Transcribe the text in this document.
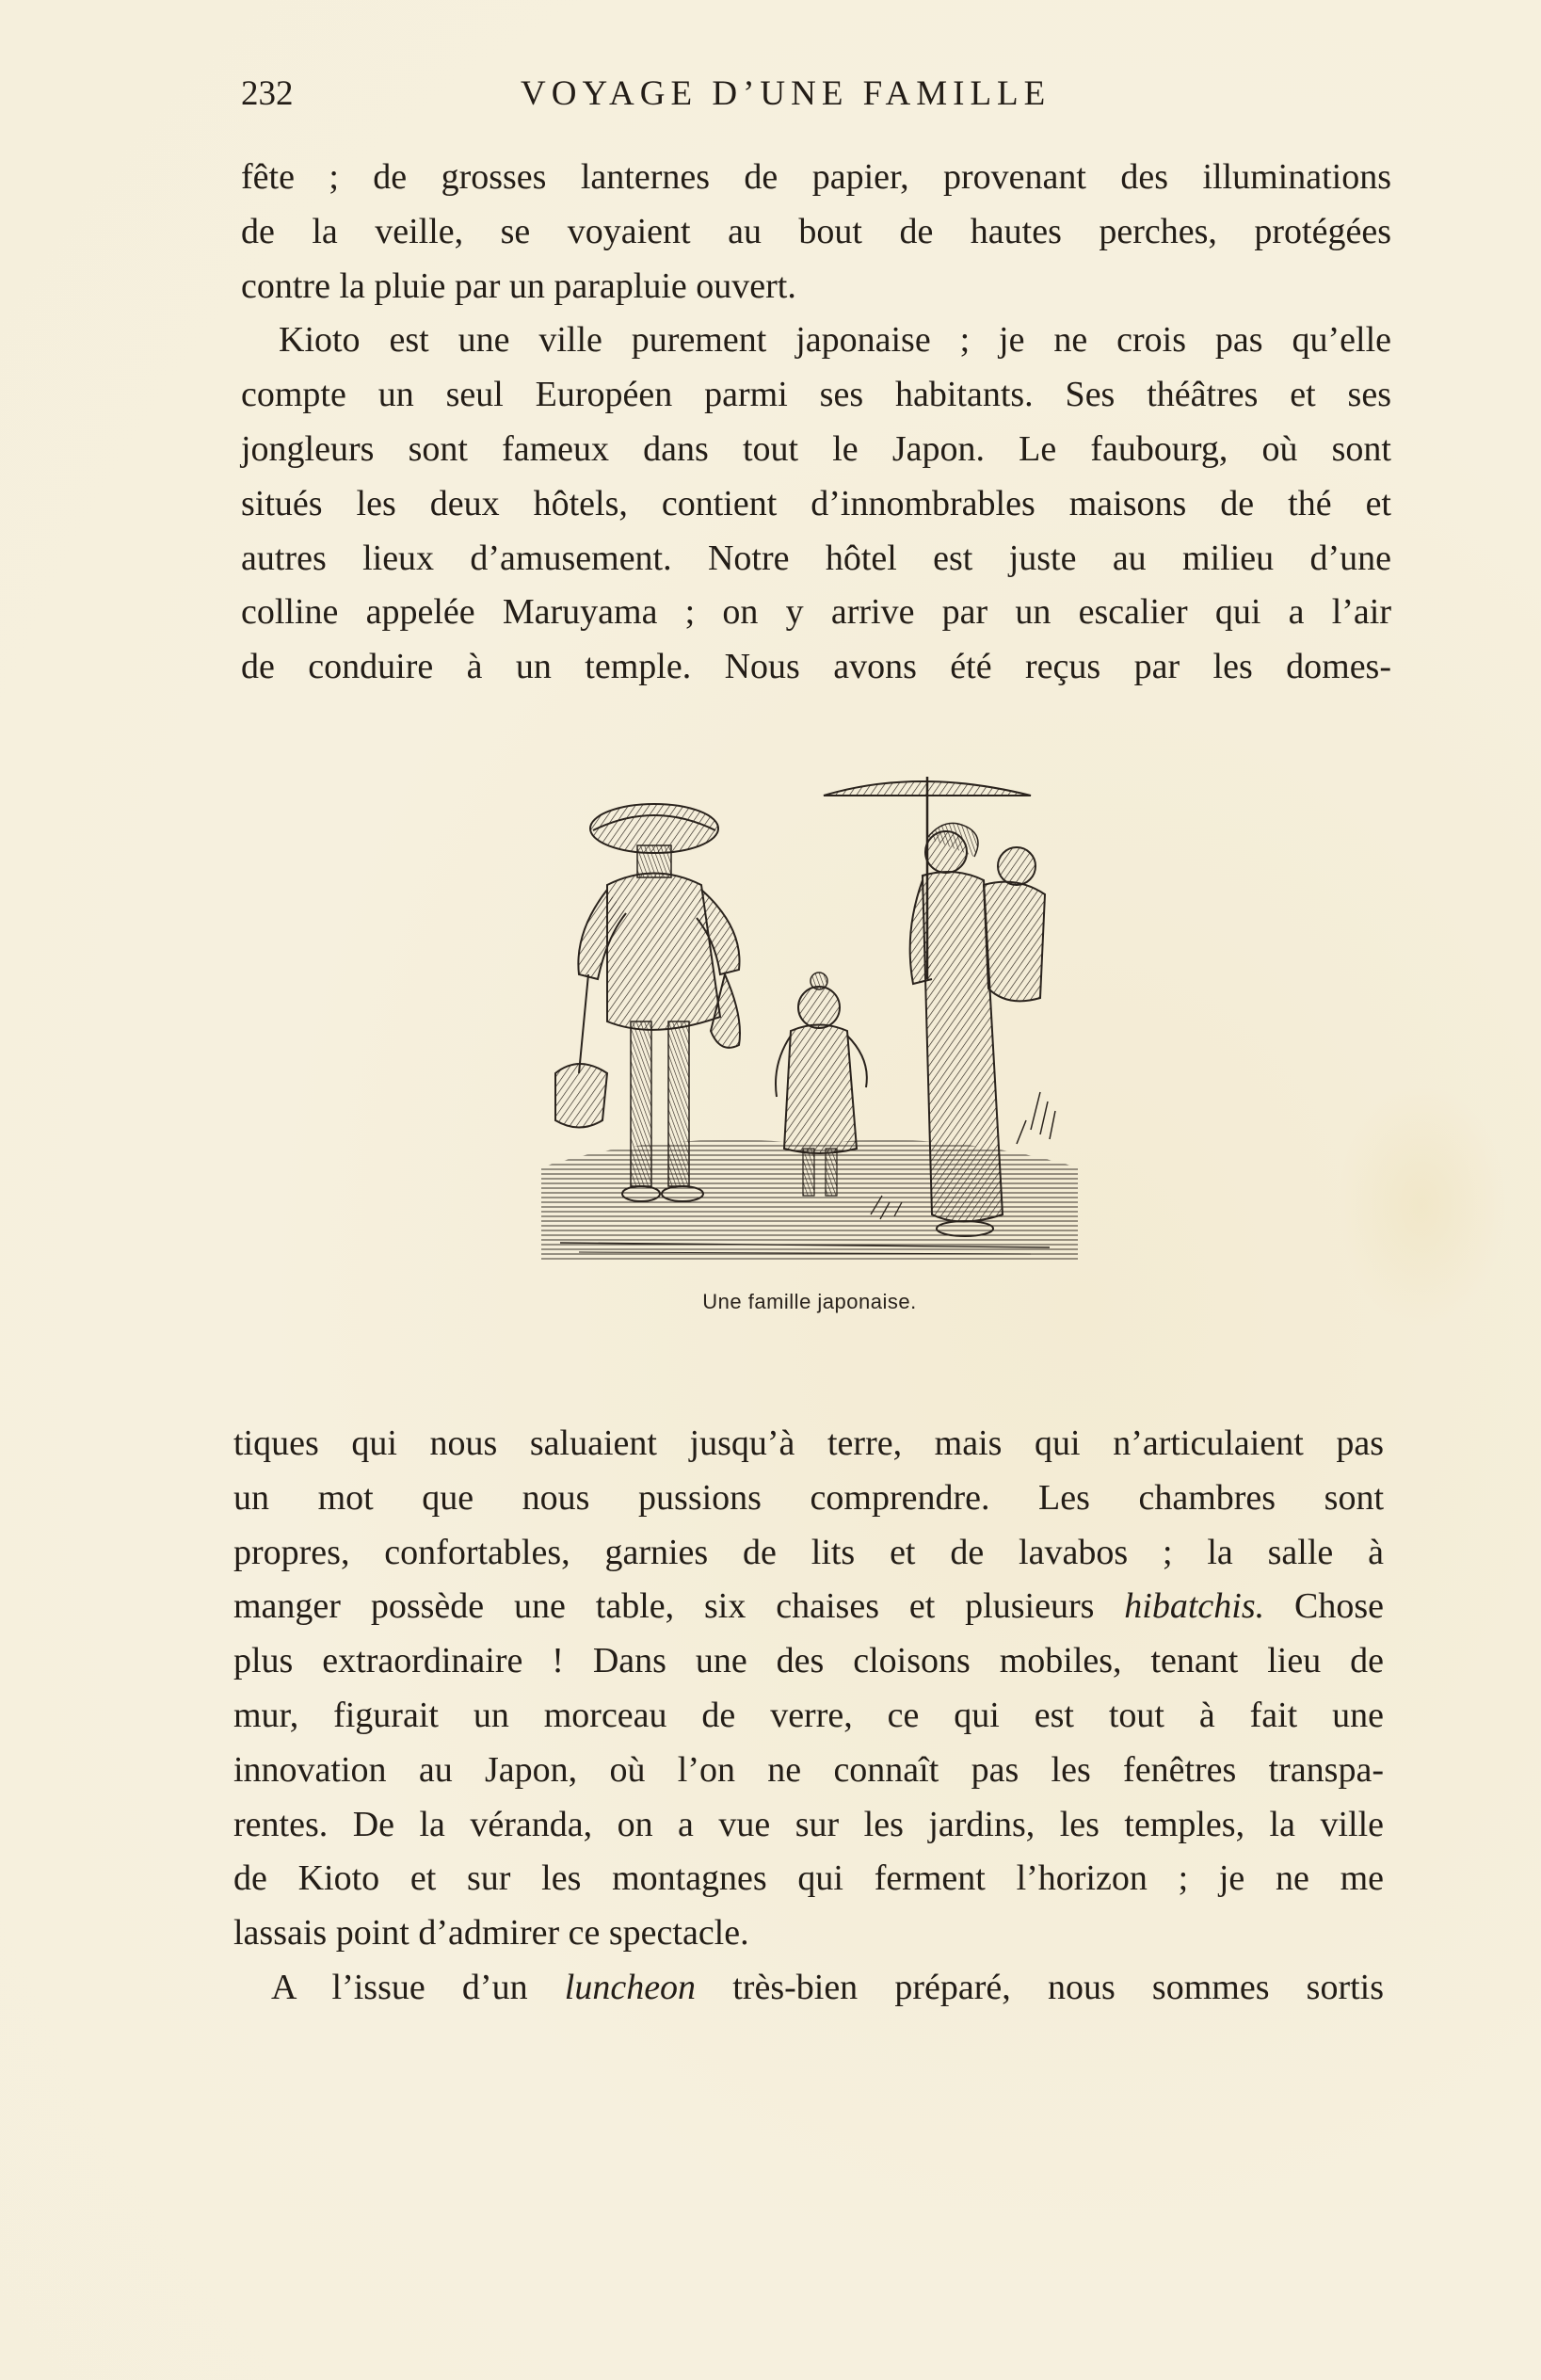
232	VOYAGE D’UNE FAMILLE
fête ; de grosses lanternes de papier, provenant des illuminations
de la veille, se voyaient au bout de hautes perches, protégées
contre la pluie par un parapluie ouvert.
Kioto est une ville purement japonaise ; je ne crois pas qu’elle
compte un seul Européen parmi ses habitants. Ses théâtres et ses
jongleurs sont fameux dans tout le Japon. Le faubourg, où sont
situés les deux hôtels, contient d’innombrables maisons de thé et
autres lieux d’amusement. Notre hôtel est juste au milieu d’une
colline appelée Maruyama ; on y arrive par un escalier qui a l’air
de conduire à un temple. Nous avons été reçus par les domes-
Une famille japonaise.
tiques qui nous saluaient jusqu’à terre, mais qui n’articulaient pas
un mot que nous pussions comprendre. Les chambres sont
propres, confortables, garnies de lits et de lavabos ; la salle à
manger possède une table, six chaises et plusieurs hibatchis. Chose
plus extraordinaire ! Dans une des cloisons mobiles, tenant lieu de
mur, figurait un morceau de verre, ce qui est tout à fait une
innovation au Japon, où l’on ne connaît pas les fenêtres transpa-
rentes. De la véranda, on a vue sur les jardins, les temples, la ville
de Kioto et sur les montagnes qui ferment l’horizon ; je ne me
lassais point d’admirer ce spectacle.
A l’issue d’un luncheon très-bien préparé, nous sommes sortis
